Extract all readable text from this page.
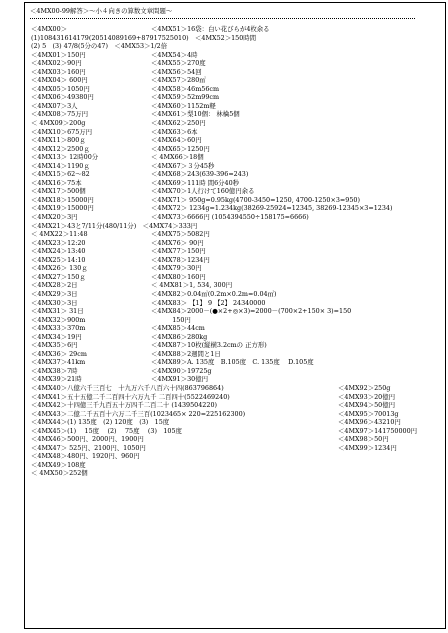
＜4MX00-99解答＞～小４向きの算数文章問題～
＜4MX00＞	＜4MX51＞16袋：白い花びらが4枚余る
(1)108431614179(20514089169+87917525010)　＜4MX52＞150時間
(2) 5　(3) 47/8(5分の47)　＜4MX53＞1/2倍
＜4MX01＞150円	＜4MX54＞4時
＜4MX02＞90円	＜4MX55＞270度
＜4MX03＞160円	＜4MX56＞54回
＜4MX04＞ 600円	＜4MX57＞280㎡
＜4MX05＞1050円	＜4MX58＞46m56cm
＜4MX06＞49380円	＜4MX59＞52m99cm
＜4MX07＞3人	＜4MX60＞1152m軽
＜4MX08＞75万円	＜4MX61＞梨10個： 林檎5個
＜ 4MX09＞200g	＜4MX62＞250円
＜4MX10＞675万円	＜4MX63＞6本
＜4MX11＞800ｇ	＜4MX64＞60円
＜4MX12＞2500ｇ	＜4MX65＞1250円
＜4MX13＞ 12時00分	＜ 4MX66＞18個
＜4MX14＞1190ｇ	＜4MX67＞３分45秒
＜4MX15＞62～82	＜4MX68＞243(639-396=243)
＜4MX16＞75本	＜4MX69＞111時 間6分40秒
＜4MX17＞500個	＜4MX70＞1人行けて160億円余る
＜4MX18＞15000円	＜4MX71＞ 950g=0.95kg(4700-3450=1250, 4700-1250×3=950)
＜4MX19＞15000円	＜4MX72＞ 1234g=1.234kg(38269-25924=12345, 38269-12345×3=1234)
＜4MX20＞3円	＜4MX73＞6666円 (1054394550÷158175=6666)
＜4MX21＞43と7/11分(480/11分)　＜4MX74＞333円
＜ 4MX22＞11:48	＜4MX75＞5082円
＜4MX23＞12:20	＜4MX76＞ 90円
＜4MX24＞13:40	＜4MX77＞150円
＜4MX25＞14:10	＜4MX78＞1234円
＜4MX26＞ 130ｇ	＜4MX79＞30円
＜4MX27＞150ｇ	＜4MX80＞160円
＜4MX28＞2日	＜ 4MX81＞1, 534, 300円
＜4MX29＞3日	＜4MX82＞0.04㎡(0.2m×0.2m=0.04㎡)
＜4MX30＞3日	＜4MX83＞ 【1】 9 【2】 24340000
＜4MX31＞ 31日	＜4MX84＞2000－(●×2+◎×3)=2000－(700×2+150× 3)=150
＜4MX32＞900m	　　　 150円
＜4MX33＞370m	＜4MX85＞44cm
＜4MX34＞19円	＜4MX86＞280kg
＜4MX35＞6円	＜4MX87＞10枚(縦横3.2cmの 正方形)
＜4MX36＞ 29cm	＜4MX88＞2週間と1日
＜4MX37＞41km	＜4MX89＞A. 135度　B.105度　C. 135度　 D.105度
＜4MX38＞7時	＜4MX90＞19725g
＜4MX39＞21時	＜4MX91＞30億円
＜4MX40＞八億六千三百七　十九万六千八百六十四(863796864)	＜4MX92＞250g
＜4MX41＞五十五億二千二百四十六万九千 二百四十(5522469240)	＜4MX93＞20億円
＜4MX42＞十四億三千九百五十万四千二百二十 (1439504220)	＜4MX94＞50億円
＜4MX43＞二億二千五百十六万二千三百(1023465× 220=225162300)	＜4MX95＞70013g
＜4MX44＞(1) 135度　(2) 120度　(3)　15度	＜4MX96＞43210円
＜4MX45＞(1)　 15度　 (2)　 75度　 (3)　105度	＜4MX97＞141750000円
＜4MX46＞500円、2000円、1900円	＜4MX98＞50円
＜4MX47＞ 525円、2100円、1050円	＜4MX99＞1234円
＜4MX48＞480円、1920円、960円
＜4MX49＞108度
＜ 4MX50＞252個
